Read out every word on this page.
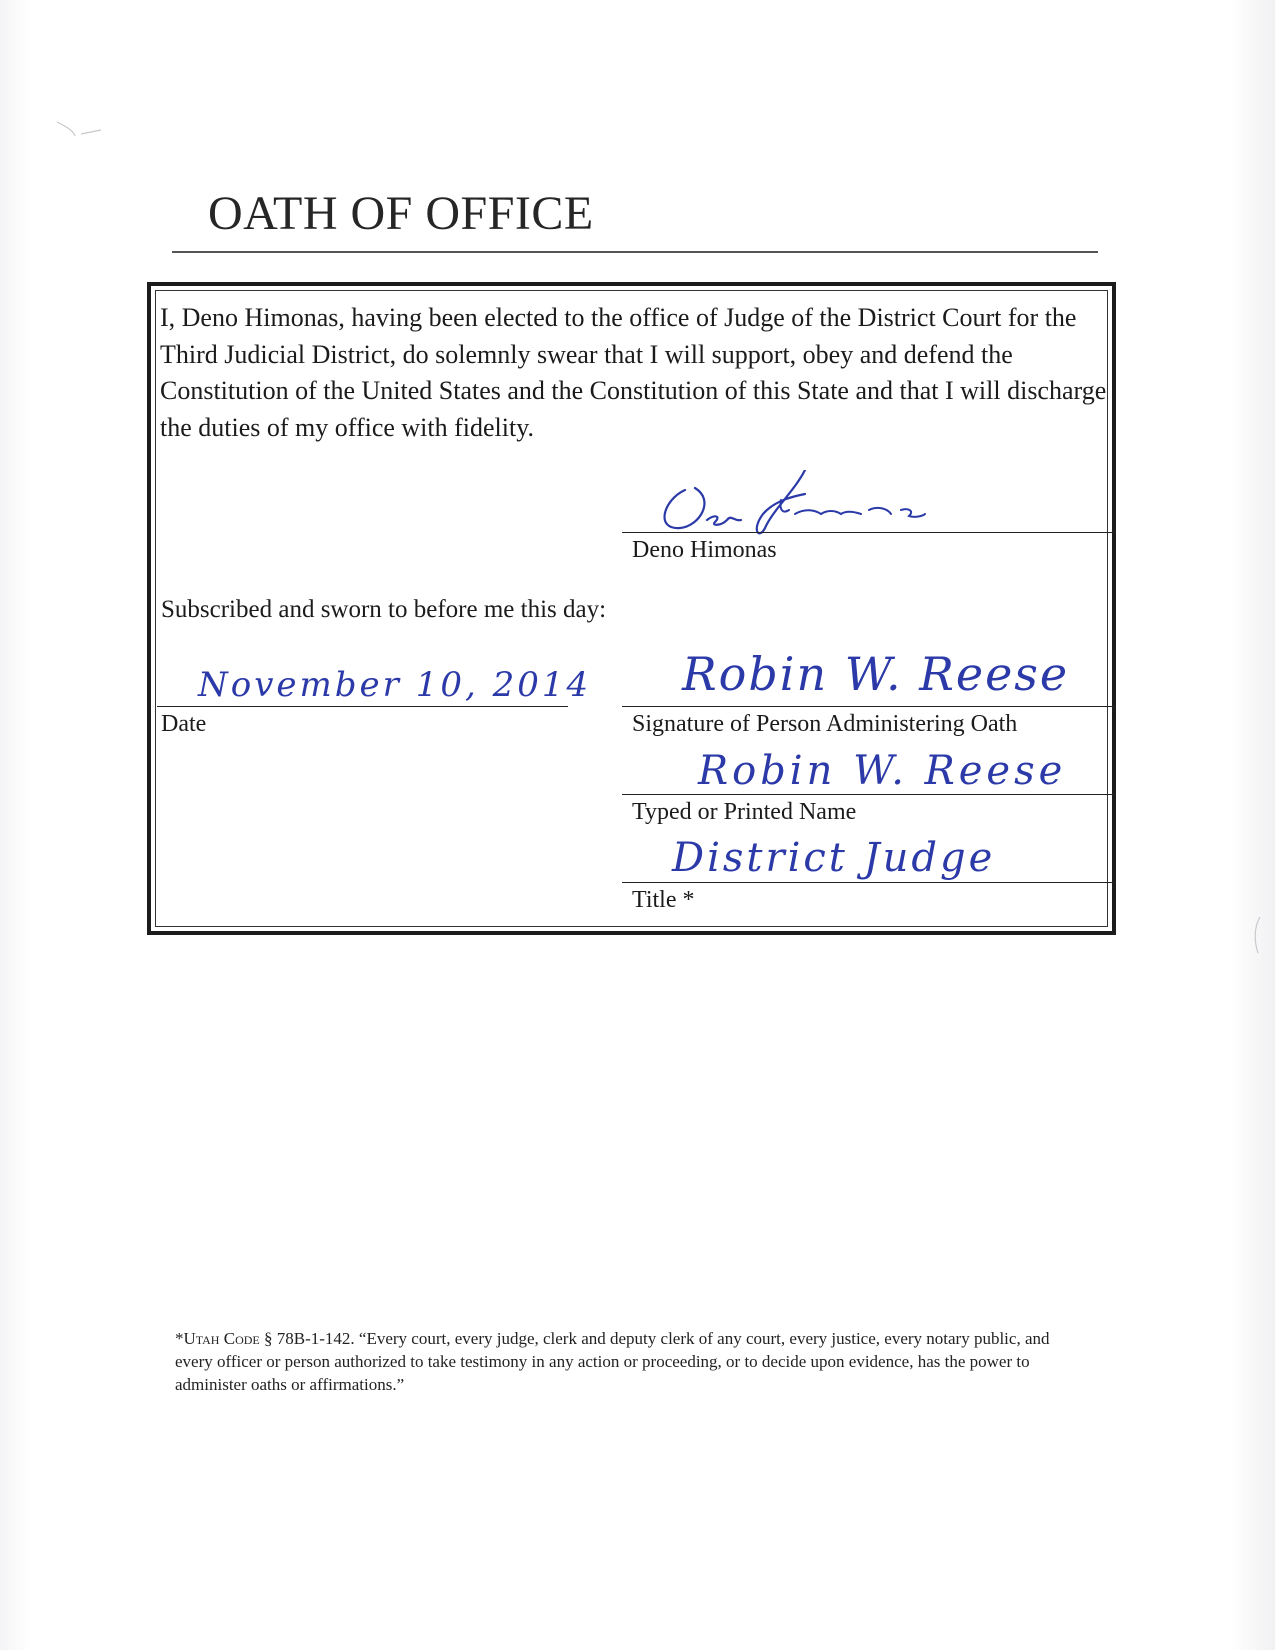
OATH OF OFFICE

I, Deno Himonas, having been elected to the office of Judge of the District Court for the Third Judicial District, do solemnly swear that I will support, obey and defend the Constitution of the United States and the Constitution of this State and that I will discharge the duties of my office with fidelity.

Deno Himonas
Subscribed and sworn to before me this day:
November 10, 2014
Date
Robin W. Reese
Signature of Person Administering Oath
Robin W. Reese
Typed or Printed Name
District Judge
Title *

*Utah Code § 78B-1-142. “Every court, every judge, clerk and deputy clerk of any court, every justice, every notary public, and every officer or person authorized to take testimony in any action or proceeding, or to decide upon evidence, has the power to administer oaths or affirmations.”
